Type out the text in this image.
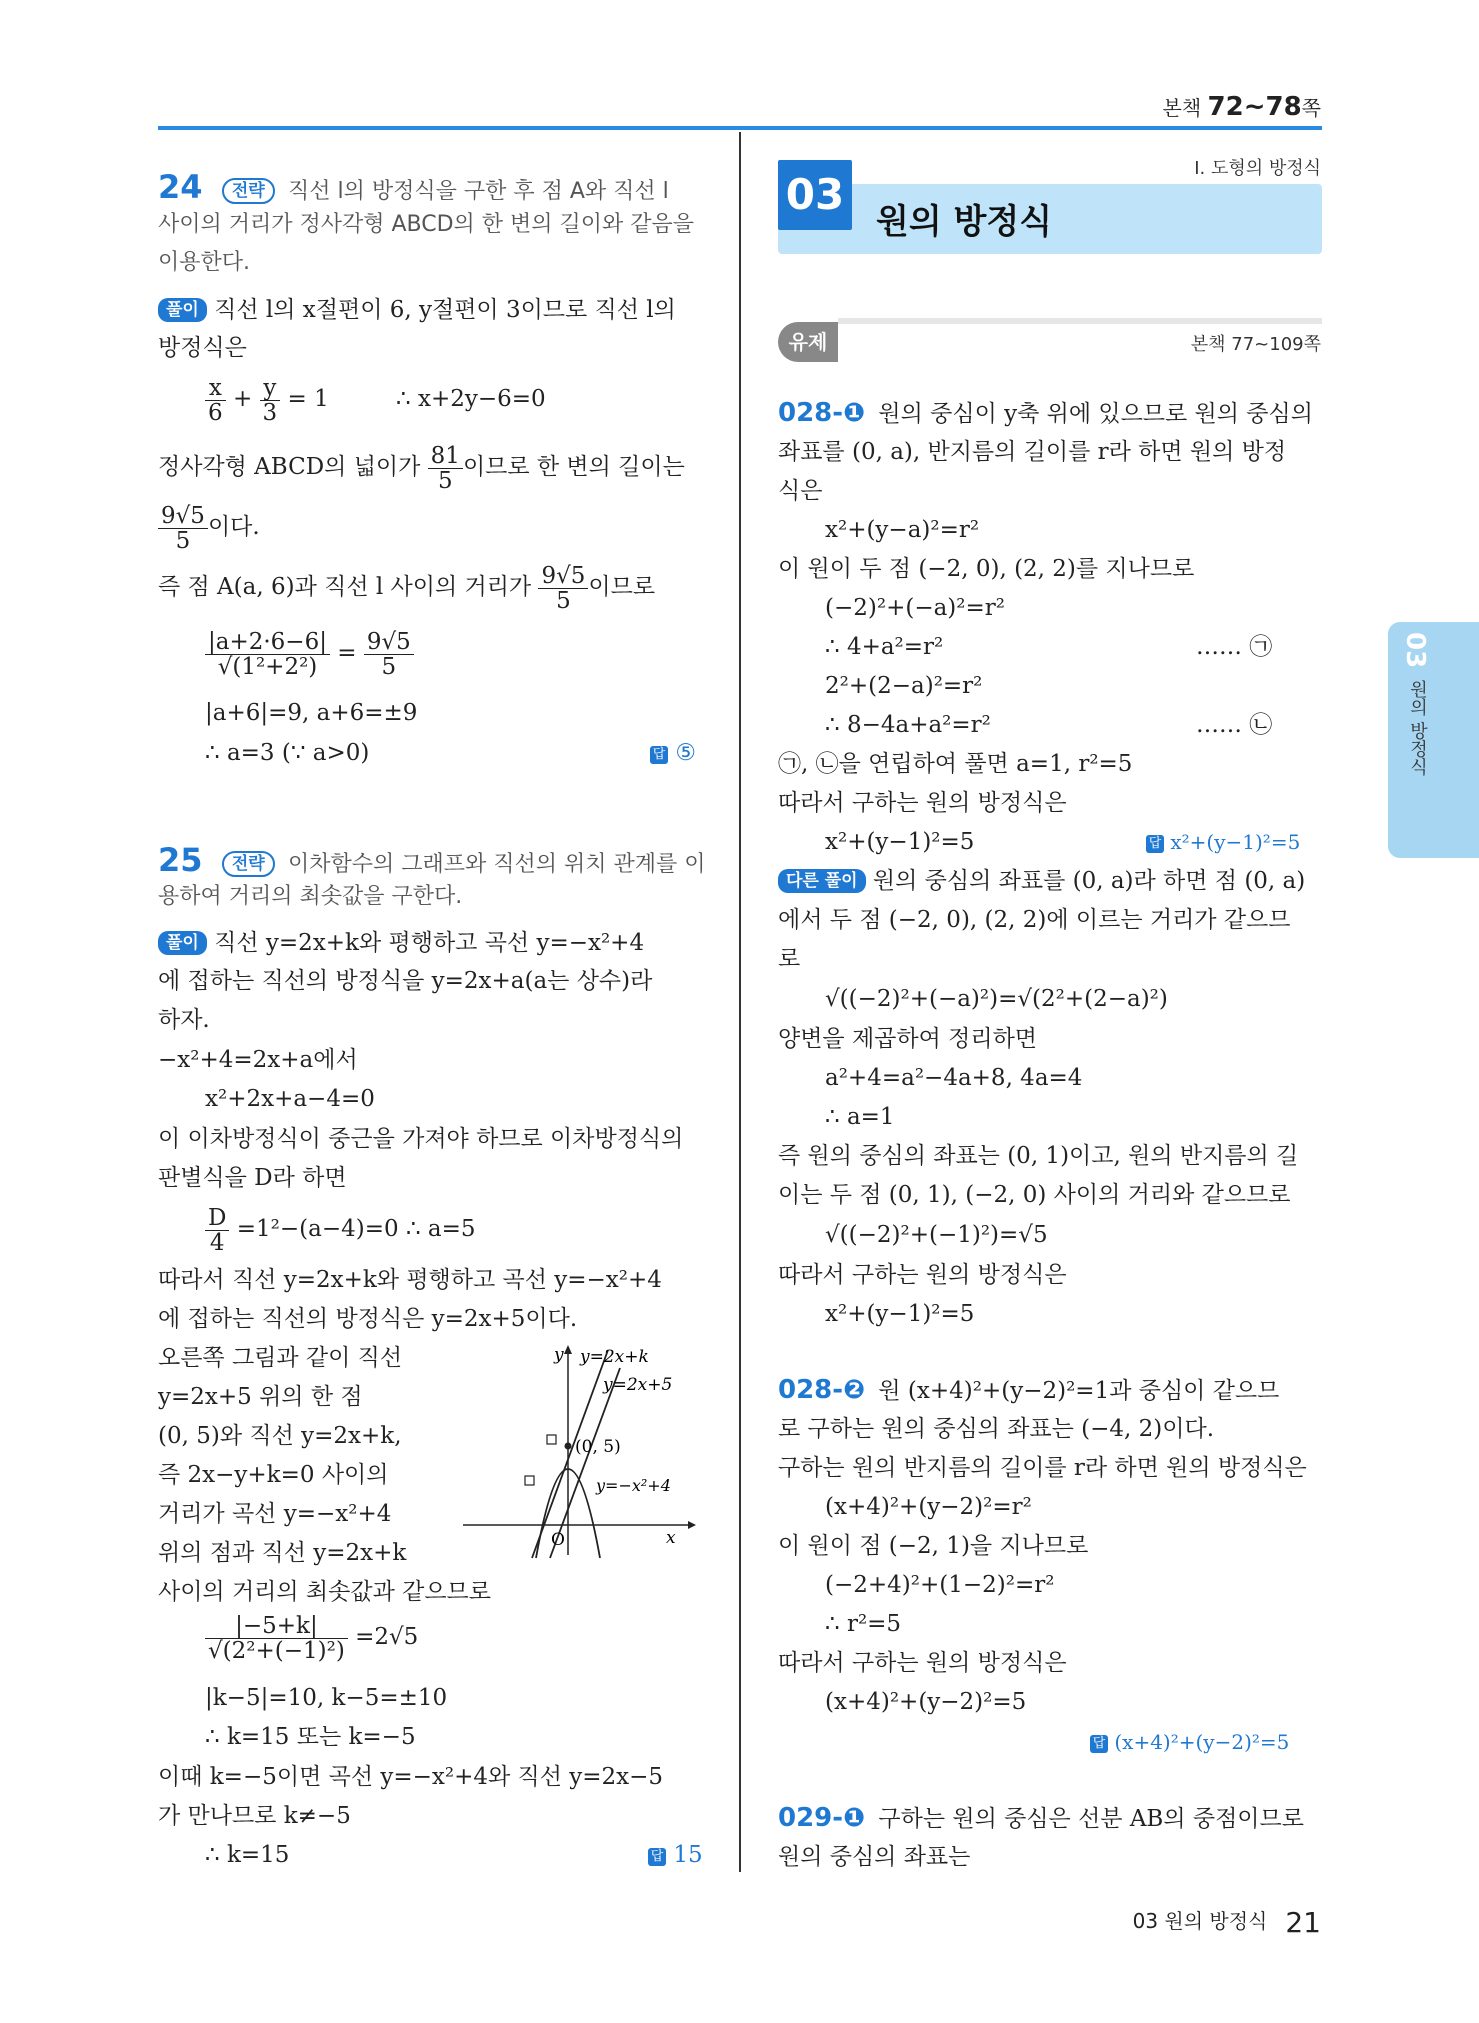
본책 72~78쪽
24 전략 직선 l의 방정식을 구한 후 점 A와 직선 l
사이의 거리가 정사각형 ABCD의 한 변의 길이와 같음을
이용한다.
풀이 직선 l의 x절편이 6, y절편이 3이므로 직선 l의
방정식은
$\frac{x}{6} + \frac{y}{3} = 1$	∴ x+2y−6=0
정사각형 ABCD의 넓이가 $\frac{81}{5}$ 이므로 한 변의 길이는
$\frac{9√5}{5}$ 이다.
즉 점 A(a, 6)과 직선 l 사이의 거리가 $\frac{9√5}{5}$ 이므로
$\frac{|a+2\cdot 6-6|}{\text{√(1²+2²)}} = \frac{9√5}{5}$
|a+6|=9, a+6=±9
∴ a=3 (∵ a>0)	답 ⑤
25 전략 이차함수의 그래프와 직선의 위치 관계를 이
용하여 거리의 최솟값을 구한다.
풀이 직선 y=2x+k와 평행하고 곡선 y=−x²+4
에 접하는 직선의 방정식을 y=2x+a(a는 상수)라
하자.
−x²+4=2x+a에서
x²+2x+a−4=0
이 이차방정식이 중근을 가져야 하므로 이차방정식의
판별식을 D라 하면
$\frac{D}{4} =1^2-(a-4)=0$ ∴ a=5
따라서 직선 y=2x+k와 평행하고 곡선 y=−x²+4
에 접하는 직선의 방정식은 y=2x+5이다.
오른쪽 그림과 같이 직선
y=2x+5 위의 한 점
(0, 5)와 직선 y=2x+k,
즉 2x−y+k=0 사이의
거리가 곡선 y=−x²+4
위의 점과 직선 y=2x+k
사이의 거리의 최솟값과 같으므로
y y=2x+k
y=2x+5
(0, 5)
y=−x²+4
O	x
$\frac{|-5+k|}{\text{√(2²+(−1)²)}} =2√5$
|k−5|=10, k−5=±10
∴ k=15 또는 k=−5
이때 k=−5이면 곡선 y=−x²+4와 직선 y=2x−5
가 만나므로 k≠−5
∴ k=15	답 15
03
원의 방정식
Ⅰ. 도형의 방정식
유제	본책 77~109쪽
028-❶ 원의 중심이 y축 위에 있으므로 원의 중심의
좌표를 (0, a), 반지름의 길이를 r라 하면 원의 방정
식은
x²+(y−a)²=r²
이 원이 두 점 (−2, 0), (2, 2)를 지나므로
(−2)²+(−a)²=r²
∴ 4+a²=r²	…… ㉠
2²+(2−a)²=r²
∴ 8−4a+a²=r²	…… ㉡
㉠, ㉡을 연립하여 풀면 a=1, r²=5
따라서 구하는 원의 방정식은
x²+(y−1)²=5	답 x²+(y−1)²=5
다른 풀이 원의 중심의 좌표를 (0, a)라 하면 점 (0, a)
에서 두 점 (−2, 0), (2, 2)에 이르는 거리가 같으므
로
√((−2)²+(−a)²)=√(2²+(2−a)²)
양변을 제곱하여 정리하면
a²+4=a²−4a+8, 4a=4
∴ a=1
즉 원의 중심의 좌표는 (0, 1)이고, 원의 반지름의 길
이는 두 점 (0, 1), (−2, 0) 사이의 거리와 같으므로
√((−2)²+(−1)²)=√5
따라서 구하는 원의 방정식은
x²+(y−1)²=5
028-❷ 원 (x+4)²+(y−2)²=1과 중심이 같으므
로 구하는 원의 중심의 좌표는 (−4, 2)이다.
구하는 원의 반지름의 길이를 r라 하면 원의 방정식은
(x+4)²+(y−2)²=r²
이 원이 점 (−2, 1)을 지나므로
(−2+4)²+(1−2)²=r²
∴ r²=5
따라서 구하는 원의 방정식은
(x+4)²+(y−2)²=5
답 (x+4)²+(y−2)²=5
029-❶ 구하는 원의 중심은 선분 AB의 중점이므로
원의 중심의 좌표는
03
원의 방정식
03 원의 방정식 21
